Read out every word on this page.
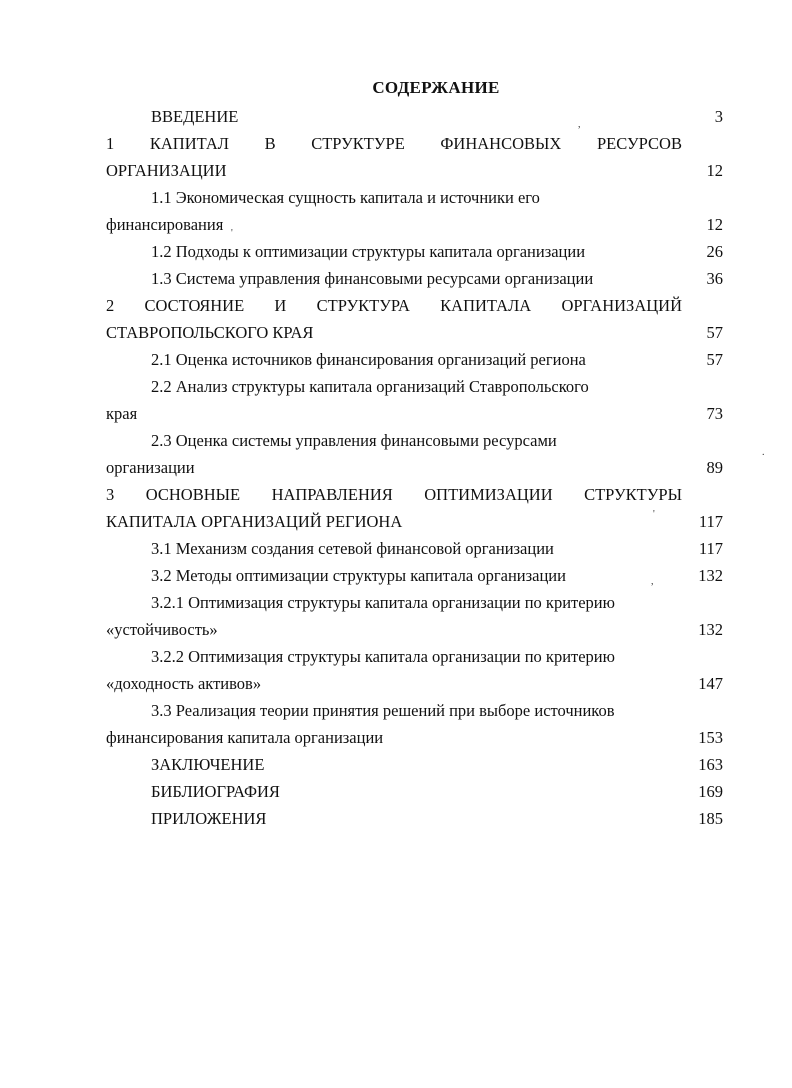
СОДЕРЖАНИЕ
ВВЕДЕНИЕ	3
1 КАПИТАЛ В СТРУКТУРЕ ФИНАНСОВЫХ РЕСУРСОВ
ОРГАНИЗАЦИИ	12
1.1 Экономическая сущность капитала и источники его
финансирования	12
1.2 Подходы к оптимизации структуры капитала организации	26
1.3 Система управления финансовыми ресурсами организации	36
2 СОСТОЯНИЕ И СТРУКТУРА КАПИТАЛА ОРГАНИЗАЦИЙ
СТАВРОПОЛЬСКОГО КРАЯ	57
2.1 Оценка источников финансирования организаций региона	57
2.2 Анализ структуры капитала организаций Ставропольского
края	73
2.3 Оценка системы управления финансовыми ресурсами
организации	89
3 ОСНОВНЫЕ НАПРАВЛЕНИЯ ОПТИМИЗАЦИИ СТРУКТУРЫ
КАПИТАЛА ОРГАНИЗАЦИЙ РЕГИОНА	117
3.1 Механизм создания сетевой финансовой организации	117
3.2 Методы оптимизации структуры капитала организации	132
3.2.1 Оптимизация структуры капитала организации по критерию
«устойчивость»	132
3.2.2 Оптимизация структуры капитала организации по критерию
«доходность активов»	147
3.3 Реализация теории принятия решений при выборе источников
финансирования капитала организации	153
ЗАКЛЮЧЕНИЕ	163
БИБЛИОГРАФИЯ	169
ПРИЛОЖЕНИЯ	185
,
'
.
'
,
